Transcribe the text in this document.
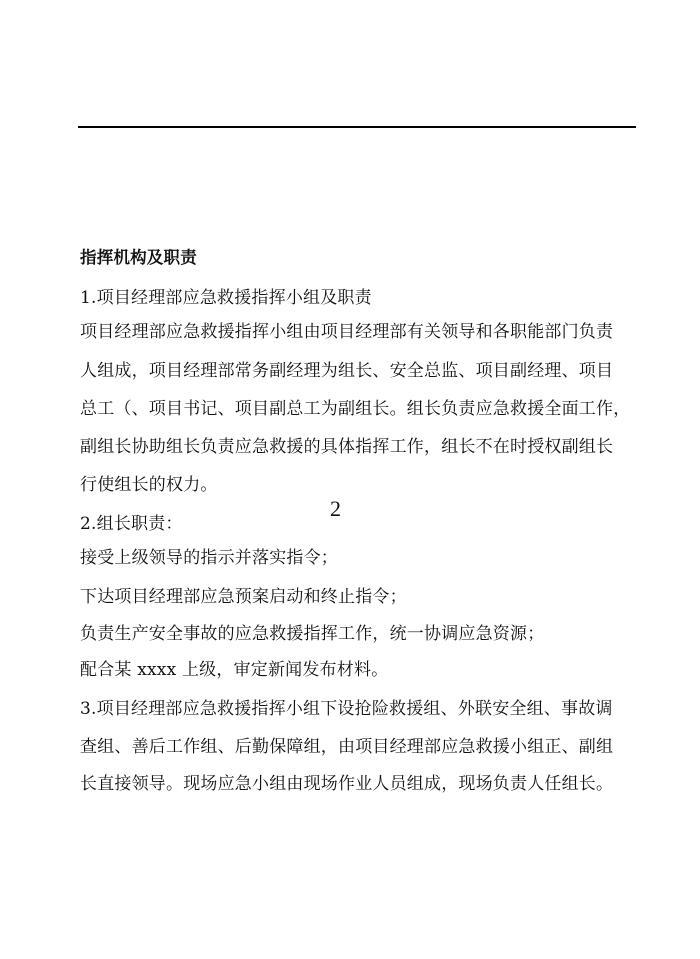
指挥机构及职责
1.项目经理部应急救援指挥小组及职责
项目经理部应急救援指挥小组由项目经理部有关领导和各职能部门负责
人组成，项目经理部常务副经理为组长、安全总监、项目副经理、项目
总工（、项目书记、项目副总工为副组长。组长负责应急救援全面工作，
副组长协助组长负责应急救援的具体指挥工作，组长不在时授权副组长
行使组长的权力。
2
2.组长职责：
接受上级领导的指示并落实指令；
下达项目经理部应急预案启动和终止指令；
负责生产安全事故的应急救援指挥工作，统一协调应急资源；
配合某 xxxx 上级，审定新闻发布材料。
3.项目经理部应急救援指挥小组下设抢险救援组、外联安全组、事故调
查组、善后工作组、后勤保障组，由项目经理部应急救援小组正、副组
长直接领导。现场应急小组由现场作业人员组成，现场负责人任组长。
